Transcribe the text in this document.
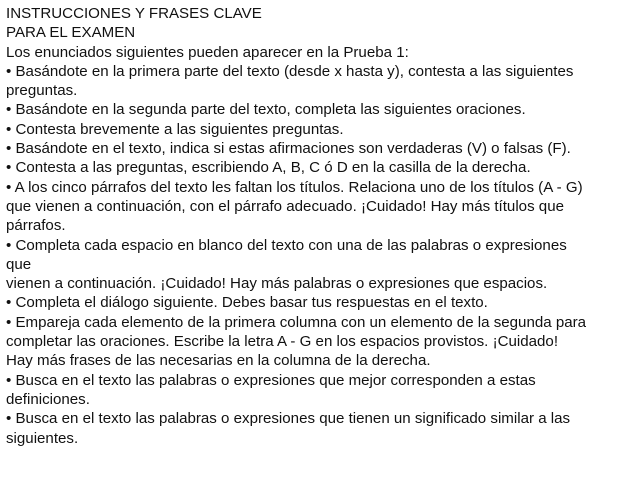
INSTRUCCIONES Y FRASES CLAVE
PARA EL EXAMEN
Los enunciados siguientes pueden aparecer en la Prueba 1:
• Basándote en la primera parte del texto (desde x hasta y), contesta a las siguientes
preguntas.
• Basándote en la segunda parte del texto, completa las siguientes oraciones.
• Contesta brevemente a las siguientes preguntas.
• Basándote en el texto, indica si estas afirmaciones son verdaderas (V) o falsas (F).
• Contesta a las preguntas, escribiendo A, B, C ó D en la casilla de la derecha.
• A los cinco párrafos del texto les faltan los títulos. Relaciona uno de los títulos (A - G)
que vienen a continuación, con el párrafo adecuado. ¡Cuidado! Hay más títulos que
párrafos.
• Completa cada espacio en blanco del texto con una de las palabras o expresiones
que
vienen a continuación. ¡Cuidado! Hay más palabras o expresiones que espacios.
• Completa el diálogo siguiente. Debes basar tus respuestas en el texto.
• Empareja cada elemento de la primera columna con un elemento de la segunda para
completar las oraciones. Escribe la letra A - G en los espacios provistos. ¡Cuidado!
Hay más frases de las necesarias en la columna de la derecha.
• Busca en el texto las palabras o expresiones que mejor corresponden a estas
definiciones.
• Busca en el texto las palabras o expresiones que tienen un significado similar a las
siguientes.
